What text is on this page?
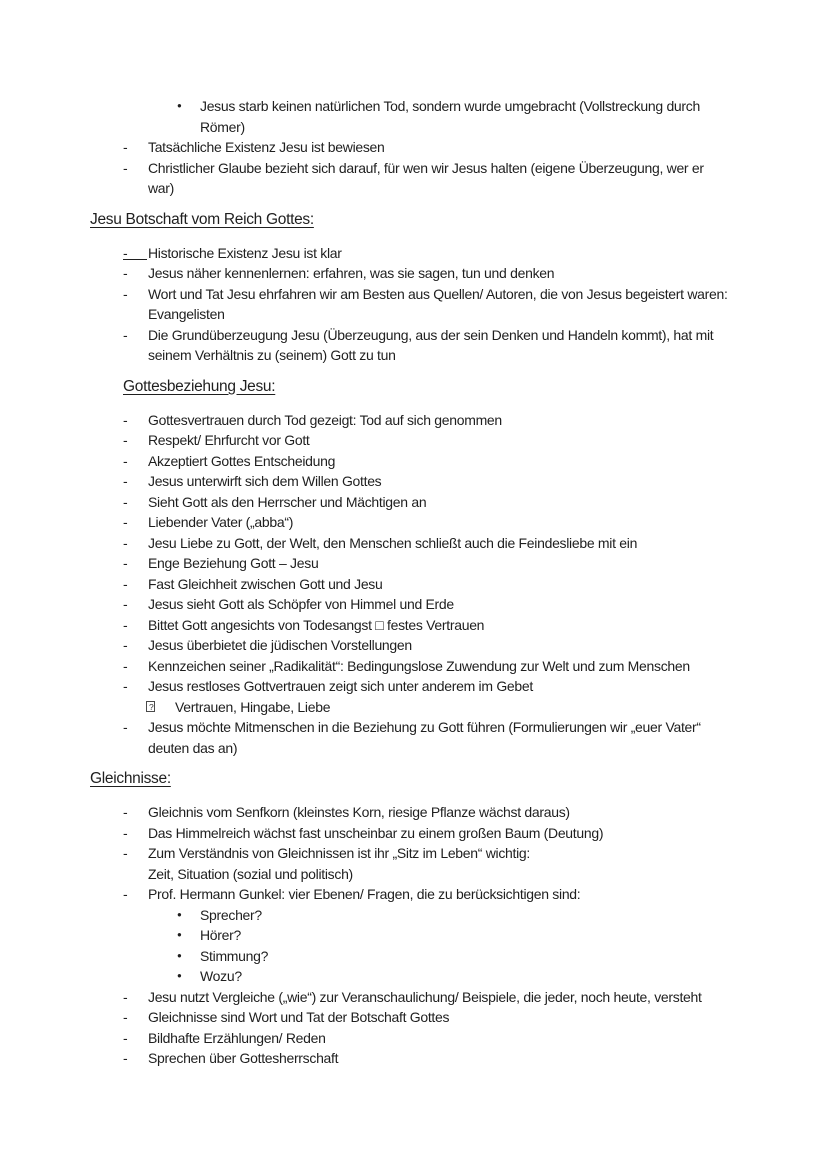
●	Jesus starb keinen natürlichen Tod, sondern wurde umgebracht (Vollstreckung durch Römer)
-	Tatsächliche Existenz Jesu ist bewiesen
-	Christlicher Glaube bezieht sich darauf, für wen wir Jesus halten (eigene Überzeugung, wer er war)
Jesu Botschaft vom Reich Gottes:
-	Historische Existenz Jesu ist klar
-	Jesus näher kennenlernen: erfahren, was sie sagen, tun und denken
-	Wort und Tat Jesu ehrfahren wir am Besten aus Quellen/ Autoren, die von Jesus begeistert waren: Evangelisten
-	Die Grundüberzeugung Jesu (Überzeugung, aus der sein Denken und Handeln kommt), hat mit seinem Verhältnis zu (seinem) Gott zu tun
Gottesbeziehung Jesu:
-	Gottesvertrauen durch Tod gezeigt: Tod auf sich genommen
-	Respekt/ Ehrfurcht vor Gott
-	Akzeptiert Gottes Entscheidung
-	Jesus unterwirft sich dem Willen Gottes
-	Sieht Gott als den Herrscher und Mächtigen an
-	Liebender Vater („abba“)
-	Jesu Liebe zu Gott, der Welt, den Menschen schließt auch die Feindesliebe mit ein
-	Enge Beziehung Gott – Jesu
-	Fast Gleichheit zwischen Gott und Jesu
-	Jesus sieht Gott als Schöpfer von Himmel und Erde
-	Bittet Gott angesichts von Todesangst □ festes Vertrauen
-	Jesus überbietet die jüdischen Vorstellungen
-	Kennzeichen seiner „Radikalität“: Bedingungslose Zuwendung zur Welt und zum Menschen
-	Jesus restloses Gottvertrauen zeigt sich unter anderem im Gebet
?	Vertrauen, Hingabe, Liebe
-	Jesus möchte Mitmenschen in die Beziehung zu Gott führen (Formulierungen wir „euer Vater“ deuten das an)
Gleichnisse:
-	Gleichnis vom Senfkorn (kleinstes Korn, riesige Pflanze wächst daraus)
-	Das Himmelreich wächst fast unscheinbar zu einem großen Baum (Deutung)
-	Zum Verständnis von Gleichnissen ist ihr „Sitz im Leben“ wichtig:
Zeit, Situation (sozial und politisch)
-	Prof. Hermann Gunkel: vier Ebenen/ Fragen, die zu berücksichtigen sind:
●	Sprecher?
●	Hörer?
●	Stimmung?
●	Wozu?
-	Jesu nutzt Vergleiche („wie“) zur Veranschaulichung/ Beispiele, die jeder, noch heute, versteht
-	Gleichnisse sind Wort und Tat der Botschaft Gottes
-	Bildhafte Erzählungen/ Reden
-	Sprechen über Gottesherrschaft
